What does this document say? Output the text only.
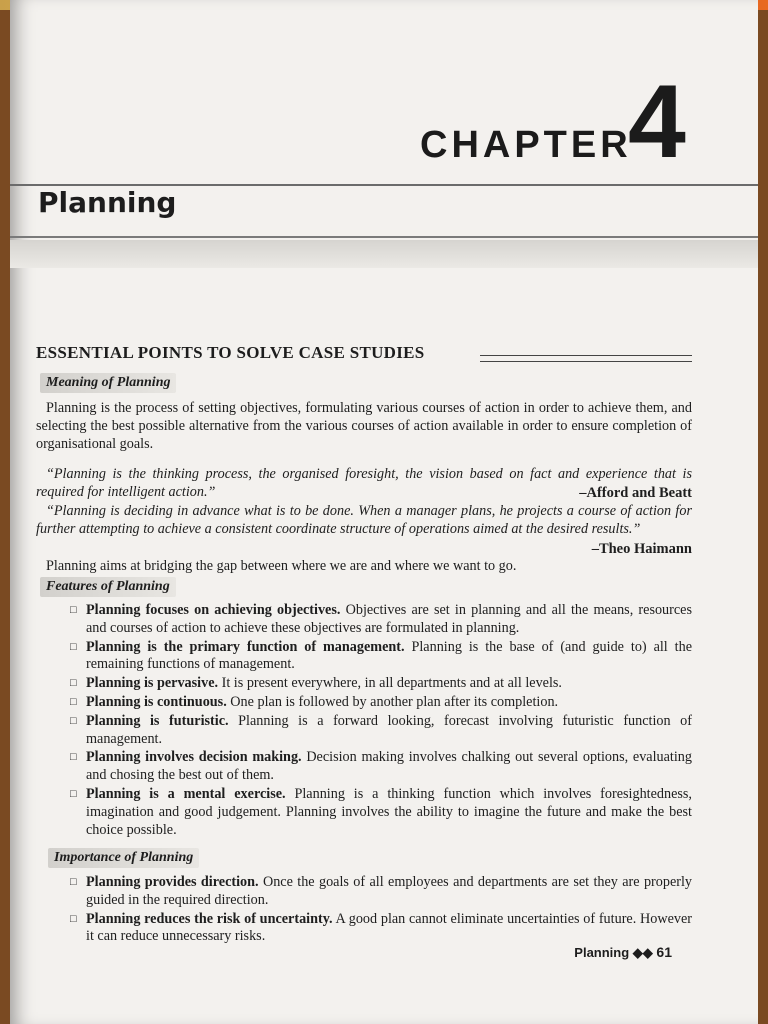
CHAPTER
4
Planning
ESSENTIAL POINTS TO SOLVE CASE STUDIES
Meaning of Planning
Planning is the process of setting objectives, formulating various courses of action in order to achieve them, and selecting the best possible alternative from the various courses of action available in order to ensure completion of organisational goals.
“Planning is the thinking process, the organised foresight, the vision based on fact and experience that is required for intelligent action.”	–Afford and Beatt
“Planning is deciding in advance what is to be done. When a manager plans, he projects a course of action for further attempting to achieve a consistent coordinate structure of operations aimed at the desired results.”
–Theo Haimann
Planning aims at bridging the gap between where we are and where we want to go.
Features of Planning
□ Planning focuses on achieving objectives. Objectives are set in planning and all the means, resources and courses of action to achieve these objectives are formulated in planning.
□ Planning is the primary function of management. Planning is the base of (and guide to) all the remaining functions of management.
□ Planning is pervasive. It is present everywhere, in all departments and at all levels.
□ Planning is continuous. One plan is followed by another plan after its completion.
□ Planning is futuristic. Planning is a forward looking, forecast involving futuristic function of management.
□ Planning involves decision making. Decision making involves chalking out several options, evaluating and chosing the best out of them.
□ Planning is a mental exercise. Planning is a thinking function which involves foresightedness, imagination and good judgement. Planning involves the ability to imagine the future and make the best choice possible.
Importance of Planning
□ Planning provides direction. Once the goals of all employees and departments are set they are properly guided in the required direction.
□ Planning reduces the risk of uncertainty. A good plan cannot eliminate uncertainties of future. However it can reduce unnecessary risks.
Planning ◆◆ 61
